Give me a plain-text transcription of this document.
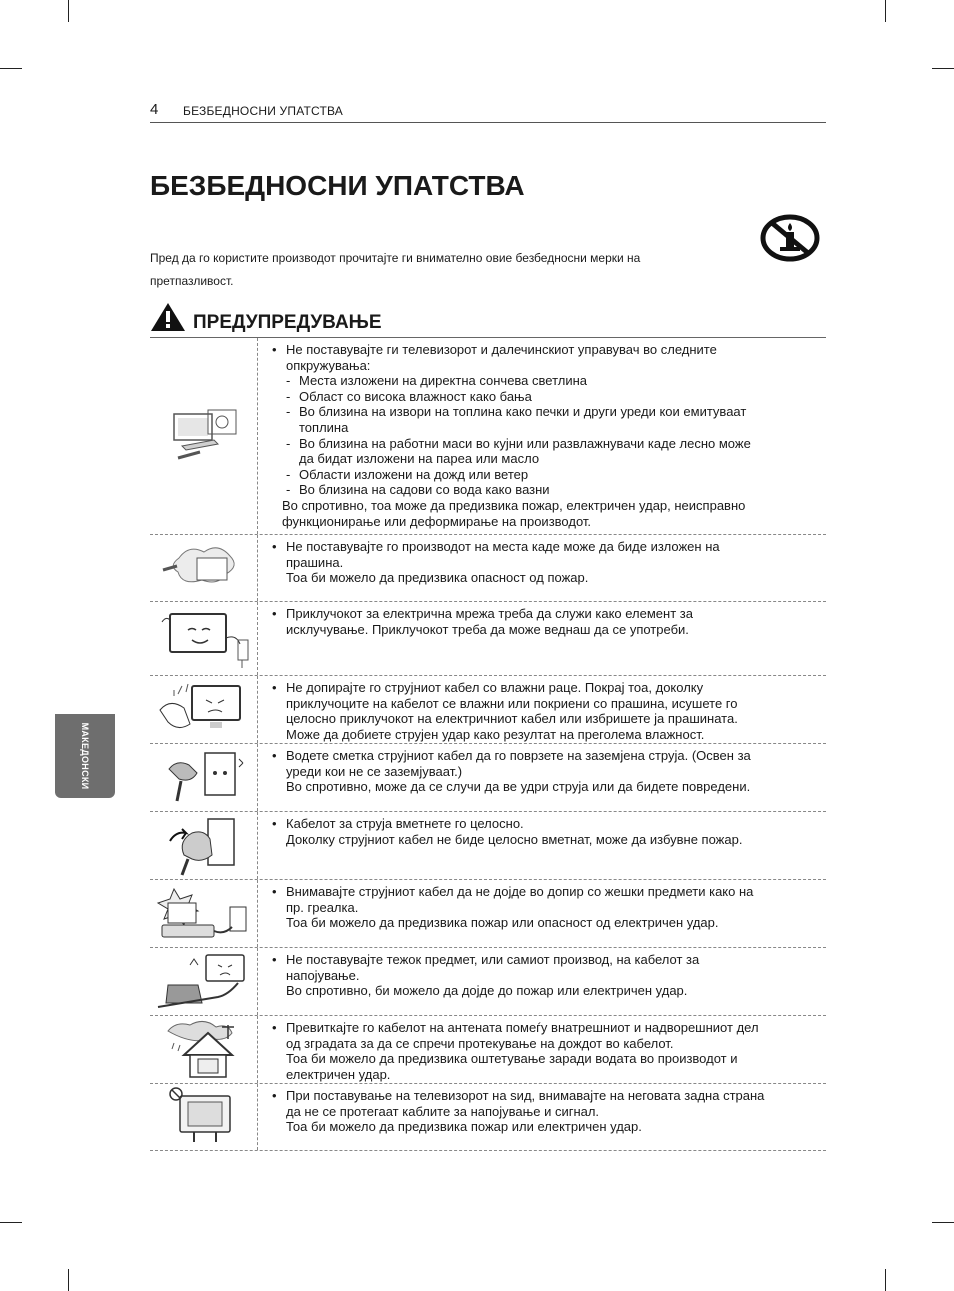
4 БЕЗБЕДНОСНИ УПАТСТВА
БЕЗБЕДНОСНИ УПАТСТВА
Пред да го користите производот прочитајте ги внимателно овие безбедносни мерки на претпазливост.
ПРЕДУПРЕДУВАЊЕ
• Не поставувајте ги телевизорот и далечинскиот управувач во следните
опкружувања:
- Места изложени на директна сончева светлина
- Област со висока влажност како бања
- Во близина на извори на топлина како печки и други уреди кои емитуваат
топлина
- Во близина на работни маси во кујни или развлажнувачи каде лесно може
да бидат изложени на пареа или масло
- Области изложени на дожд или ветер
- Во близина на садови со вода како вазни
Во спротивно, тоа може да предизвика пожар, електричен удар, неисправно
функционирање или деформирање на производот.
• Не поставувајте го производот на места каде може да биде изложен на
прашина.
Тоа би можело да предизвика опасност од пожар.
• Приклучокот за електрична мрежа треба да служи како елемент за
исклучување. Приклучокот треба да може веднаш да се употреби.
• Не допирајте го струјниот кабел со влажни раце. Покрај тоа, доколку
приклучоците на кабелот се влажни или покриени со прашина, исушете го
целосно приклучокот на електричниот кабел или избришете ја прашината.
Може да добиете струјен удар како резултат на преголема влажност.
• Водете сметка струјниот кабел да го поврзете на заземјена струја. (Освен за
уреди кои не се заземјуваат.)
Во спротивно, може да се случи да ве удри струја или да бидете повредени.
• Кабелот за струја вметнете го целосно.
Доколку струјниот кабел не биде целосно вметнат, може да избувне пожар.
• Внимавајте струјниот кабел да не дојде во допир со жешки предмети како на
пр. греалка.
Тоа би можело да предизвика пожар или опасност од електричен удар.
• Не поставувајте тежок предмет, или самиот производ, на кабелот за
напојување.
Во спротивно, би можело да дојде до пожар или електричен удар.
• Превиткајте го кабелот на антената помеѓу внатрешниот и надворешниот дел
од зградата за да се спречи протекување на дождот во кабелот.
Тоа би можело да предизвика оштетување заради водата во производот и
електричен удар.
• При поставување на телевизорот на ѕид, внимавајте на неговата задна страна
да не се протегаат каблите за напојување и сигнал.
Тоа би можело да предизвика пожар или електричен удар.
МАКЕДОНСКИ
